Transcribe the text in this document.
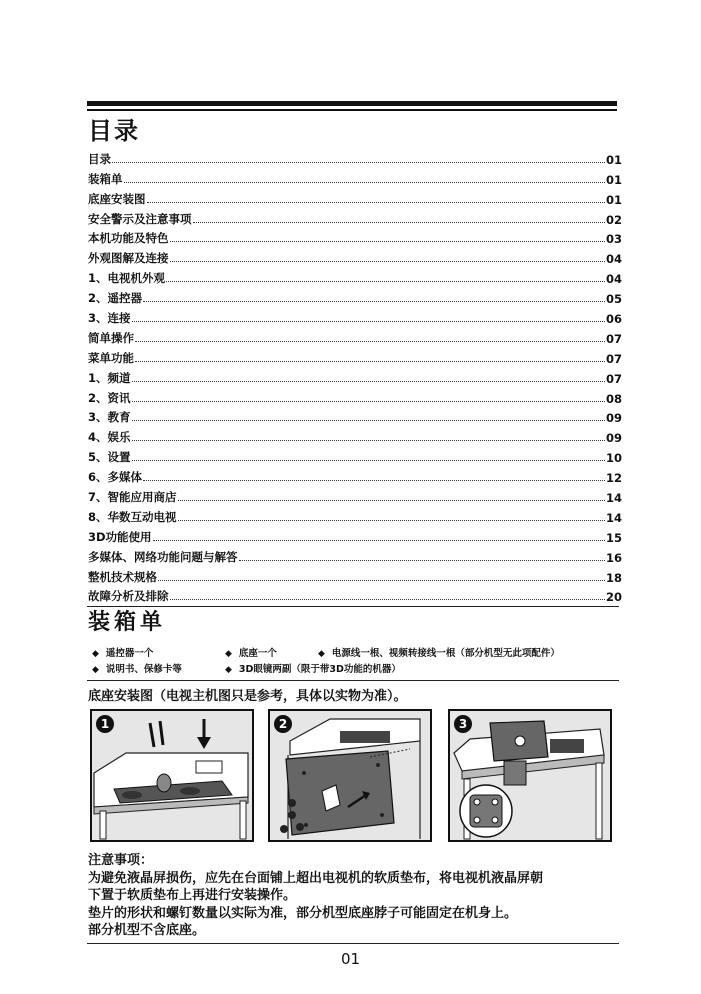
目录
目录	01
装箱单	01
底座安装图	01
安全警示及注意事项	02
本机功能及特色	03
外观图解及连接	04
1、电视机外观	04
2、遥控器	05
3、连接	06
简单操作	07
菜单功能	07
1、频道	07
2、资讯	08
3、教育	09
4、娱乐	09
5、设置	10
6、多媒体	12
7、智能应用商店	14
8、华数互动电视	14
3D功能使用	15
多媒体、网络功能问题与解答	16
整机技术规格	18
故障分析及排除	20
装箱单
◆ 遥控器一个	◆ 底座一个	◆ 电源线一根、视频转接线一根（部分机型无此项配件）
◆ 说明书、保修卡等	◆ 3D眼镜两副（限于带3D功能的机器）
底座安装图（电视主机图只是参考，具体以实物为准）。
1	2	3
注意事项：
为避免液晶屏损伤，应先在台面铺上超出电视机的软质垫布，将电视机液晶屏朝
下置于软质垫布上再进行安装操作。
垫片的形状和螺钉数量以实际为准，部分机型底座脖子可能固定在机身上。
部分机型不含底座。
01
